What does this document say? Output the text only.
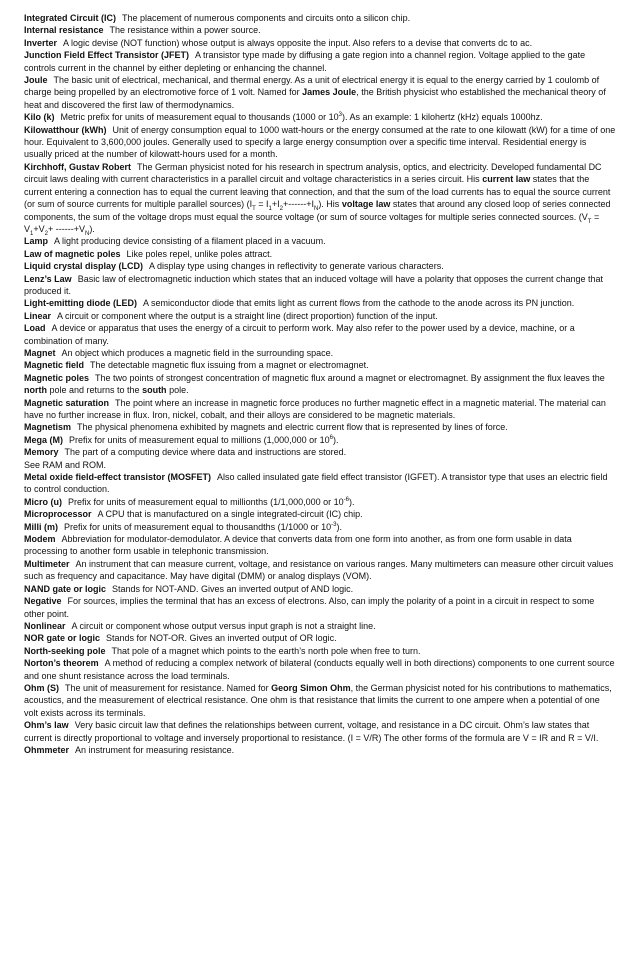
Integrated Circuit (IC) The placement of numerous components and circuits onto a silicon chip.

Internal resistance The resistance within a power source.

Inverter A logic devise (NOT function) whose output is always opposite the input. Also refers to a devise that converts dc to ac.

Junction Field Effect Transistor (JFET) A transistor type made by diffusing a gate region into a channel region. Voltage applied to the gate controls current in the channel by either depleting or enhancing the channel.

Joule The basic unit of electrical, mechanical, and thermal energy. As a unit of electrical energy it is equal to the energy carried by 1 coulomb of charge being propelled by an electromotive force of 1 volt. Named for James Joule, the British physicist who established the mechanical theory of heat and discovered the first law of thermodynamics.

Kilo (k) Metric prefix for units of measurement equal to thousands (1000 or $10^3$). As an example: 1 kilohertz (kHz) equals 1000hz.

Kilowatthour (kWh) Unit of energy consumption equal to 1000 watt-hours or the energy consumed at the rate to one kilowatt (kW) for a time of one hour. Equivalent to 3,600,000 joules. Generally used to specify a large energy consumption over a specific time interval. Residential energy is usually priced at the number of kilowatt-hours used for a month.

Kirchhoff, Gustav Robert The German physicist noted for his research in spectrum analysis, optics, and electricity. Developed fundamental DC circuit laws dealing with current characteristics in a parallel circuit and voltage characteristics in a series circuit. His current law states that the current entering a connection has to equal the current leaving that connection, and that the sum of the load currents has to equal the source current (or sum of source currents for multiple parallel sources) $(I_T = I_1+I_2+------+I_N)$. His voltage law states that around any closed loop of series connected components, the sum of the voltage drops must equal the source voltage (or sum of source voltages for multiple series connected sources. $(V_T = V_1+V_2+ ------+V_N)$.

Lamp A light producing device consisting of a filament placed in a vacuum.

Law of magnetic poles Like poles repel, unlike poles attract.

Liquid crystal display (LCD) A display type using changes in reflectivity to generate various characters.

Lenz’s Law Basic law of electromagnetic induction which states that an induced voltage will have a polarity that opposes the current change that produced it.

Light-emitting diode (LED) A semiconductor diode that emits light as current flows from the cathode to the anode across its PN junction.

Linear A circuit or component where the output is a straight line (direct proportion) function of the input.

Load A device or apparatus that uses the energy of a circuit to perform work. May also refer to the power used by a device, machine, or a combination of many.

Magnet An object which produces a magnetic field in the surrounding space.

Magnetic field The detectable magnetic flux issuing from a magnet or electromagnet.

Magnetic poles The two points of strongest concentration of magnetic flux around a magnet or electromagnet. By assignment the flux leaves the north pole and returns to the south pole.

Magnetic saturation The point where an increase in magnetic force produces no further magnetic effect in a magnetic material. The material can have no further increase in flux. Iron, nickel, cobalt, and their alloys are considered to be magnetic materials.

Magnetism The physical phenomena exhibited by magnets and electric current flow that is represented by lines of force.

Mega (M) Prefix for units of measurement equal to millions (1,000,000 or $10^6$).

Memory The part of a computing device where data and instructions are stored.

See RAM and ROM.

Metal oxide field-effect transistor (MOSFET) Also called insulated gate field effect transistor (IGFET). A transistor type that uses an electric field to control conduction.

Micro (u) Prefix for units of measurement equal to millionths (1/1,000,000 or $10^{-6}$).

Microprocessor A CPU that is manufactured on a single integrated-circuit (IC) chip.

Milli (m) Prefix for units of measurement equal to thousandths (1/1000 or $10^{-3}$).

Modem Abbreviation for modulator-demodulator. A device that converts data from one form into another, as from one form usable in data processing to another form usable in telephonic transmission.

Multimeter An instrument that can measure current, voltage, and resistance on various ranges. Many multimeters can measure other circuit values such as frequency and capacitance. May have digital (DMM) or analog displays (VOM).

NAND gate or logic Stands for NOT-AND. Gives an inverted output of AND logic.

Negative For sources, implies the terminal that has an excess of electrons. Also, can imply the polarity of a point in a circuit in respect to some other point.

Nonlinear A circuit or component whose output versus input graph is not a straight line.

NOR gate or logic Stands for NOT-OR. Gives an inverted output of OR logic.

North-seeking pole That pole of a magnet which points to the earth’s north pole when free to turn.

Norton’s theorem A method of reducing a complex network of bilateral (conducts equally well in both directions) components to one current source and one shunt resistance across the load terminals.

Ohm (S) The unit of measurement for resistance. Named for Georg Simon Ohm, the German physicist noted for his contributions to mathematics, acoustics, and the measurement of electrical resistance. One ohm is that resistance that limits the current to one ampere when a potential of one volt exists across its terminals.

Ohm’s law Very basic circuit law that defines the relationships between current, voltage, and resistance in a DC circuit. Ohm’s law states that current is directly proportional to voltage and inversely proportional to resistance. (I = V/R) The other forms of the formula are V = IR and R = V/I.

Ohmmeter An instrument for measuring resistance.
